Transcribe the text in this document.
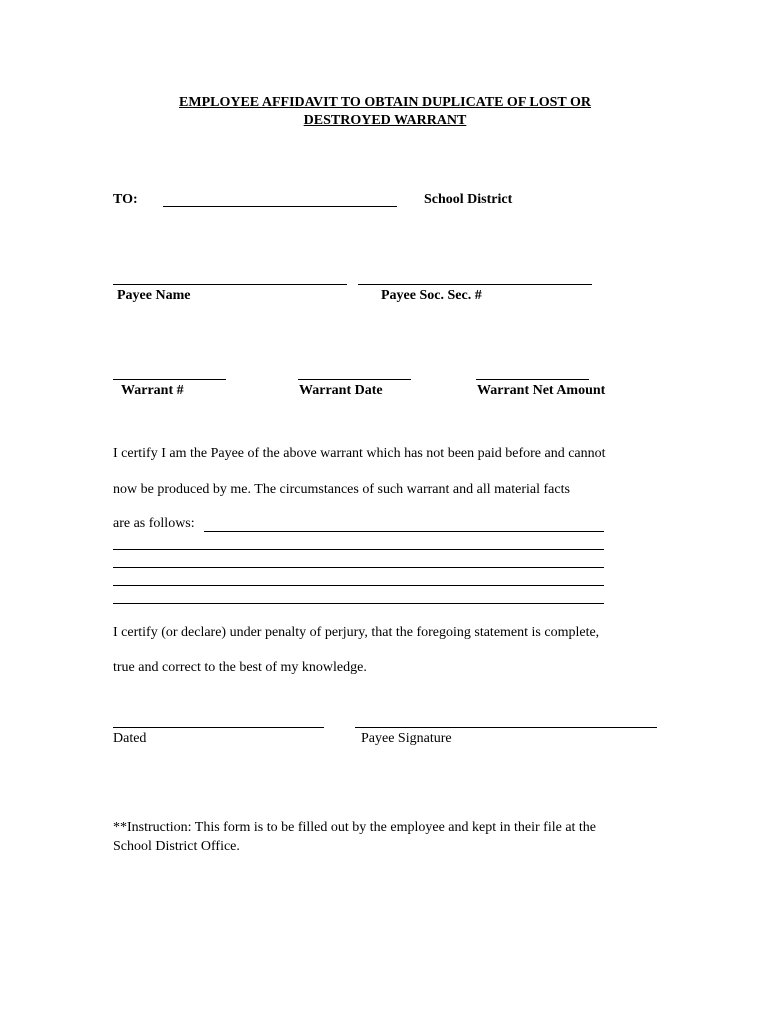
EMPLOYEE AFFIDAVIT TO OBTAIN DUPLICATE OF LOST OR
DESTROYED WARRANT
TO:	School District
Payee Name	Payee Soc. Sec. #
Warrant #	Warrant Date	Warrant Net Amount
I certify I am the Payee of the above warrant which has not been paid before and cannot
now be produced by me. The circumstances of such warrant and all material facts
are as follows:
I certify (or declare) under penalty of perjury, that the foregoing statement is complete,
true and correct to the best of my knowledge.
Dated	Payee Signature
**Instruction: This form is to be filled out by the employee and kept in their file at the
School District Office.
